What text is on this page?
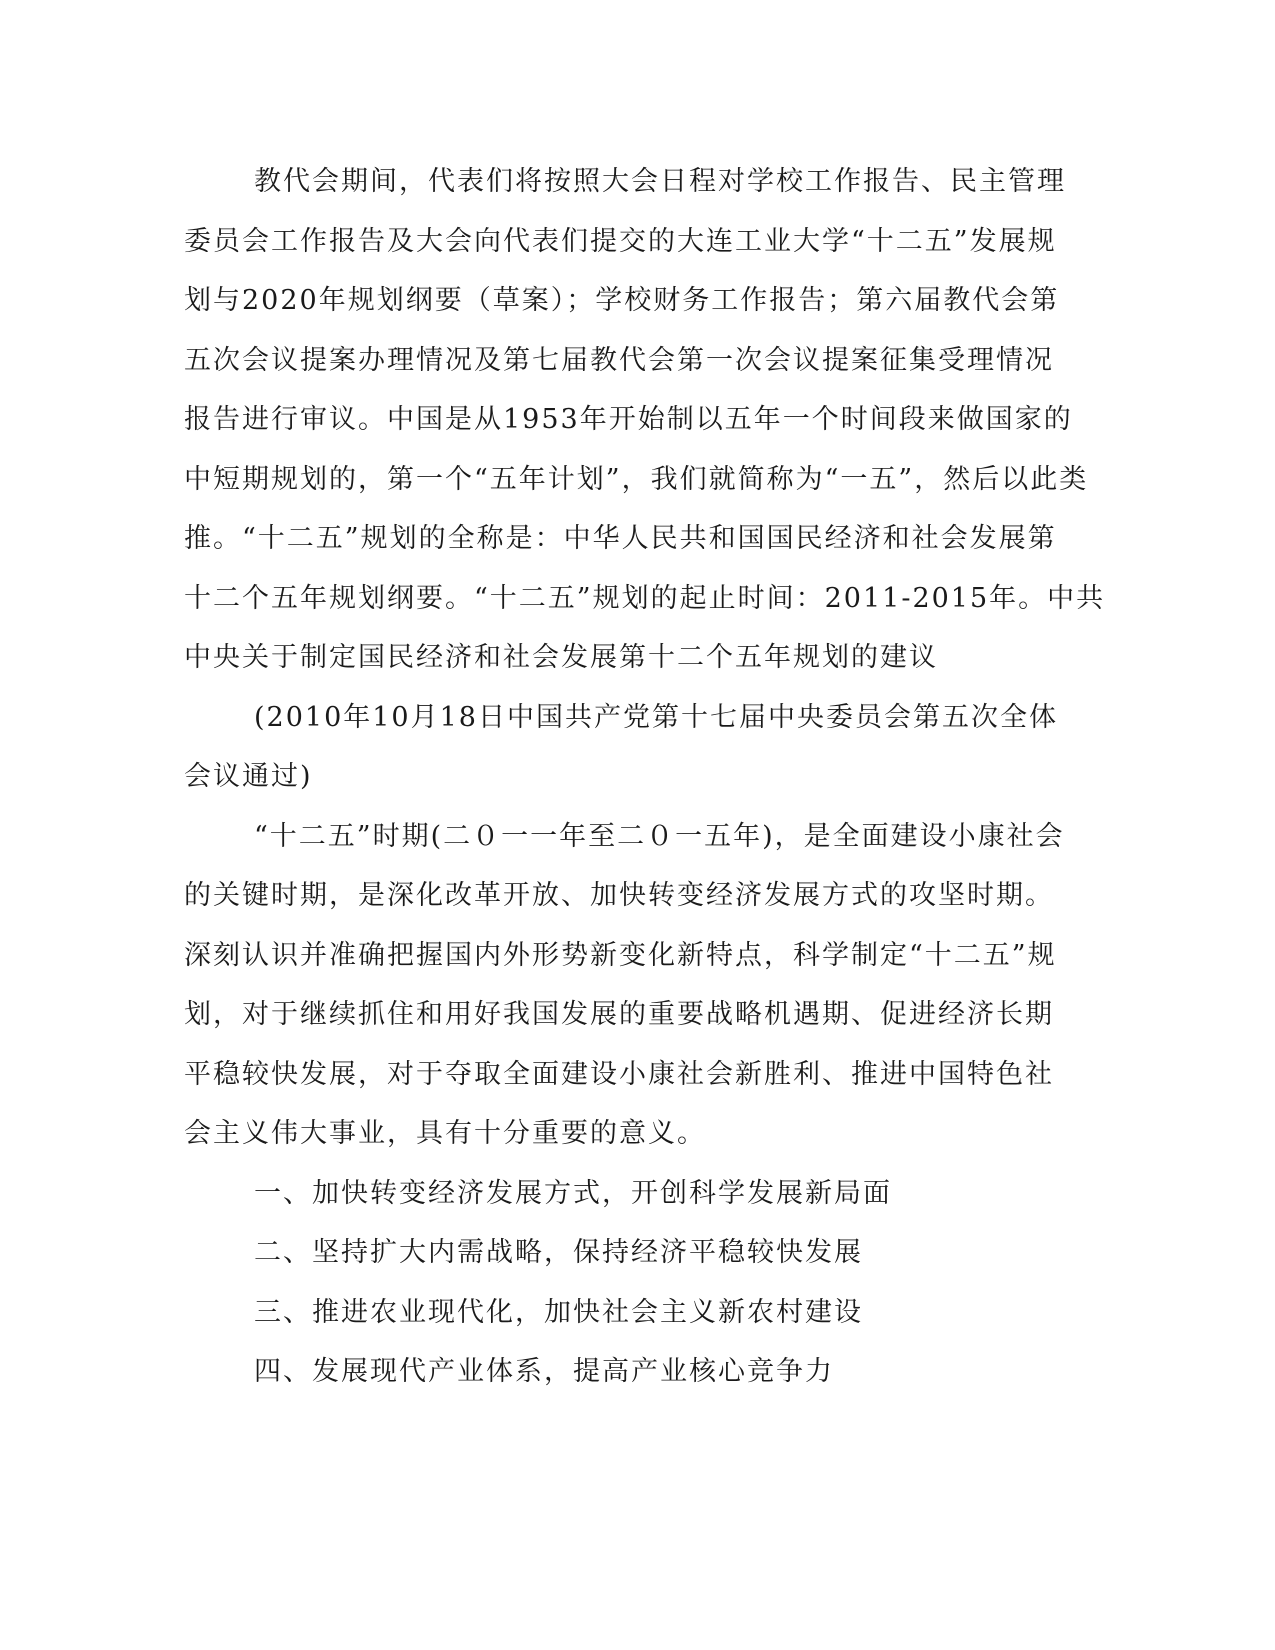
教代会期间，代表们将按照大会日程对学校工作报告、民主管理
委员会工作报告及大会向代表们提交的大连工业大学“十二五”发展规
划与2020年规划纲要（草案）；学校财务工作报告；第六届教代会第
五次会议提案办理情况及第七届教代会第一次会议提案征集受理情况
报告进行审议。中国是从1953年开始制以五年一个时间段来做国家的
中短期规划的，第一个“五年计划”，我们就简称为“一五”，然后以此类
推。“十二五”规划的全称是：中华人民共和国国民经济和社会发展第
十二个五年规划纲要。“十二五”规划的起止时间：2011-2015年。中共
中央关于制定国民经济和社会发展第十二个五年规划的建议
(2010年10月18日中国共产党第十七届中央委员会第五次全体
会议通过)
“十二五”时期(二０一一年至二０一五年)，是全面建设小康社会
的关键时期，是深化改革开放、加快转变经济发展方式的攻坚时期。
深刻认识并准确把握国内外形势新变化新特点，科学制定“十二五”规
划，对于继续抓住和用好我国发展的重要战略机遇期、促进经济长期
平稳较快发展，对于夺取全面建设小康社会新胜利、推进中国特色社
会主义伟大事业，具有十分重要的意义。
一、加快转变经济发展方式，开创科学发展新局面
二、坚持扩大内需战略，保持经济平稳较快发展
三、推进农业现代化，加快社会主义新农村建设
四、发展现代产业体系，提高产业核心竞争力
